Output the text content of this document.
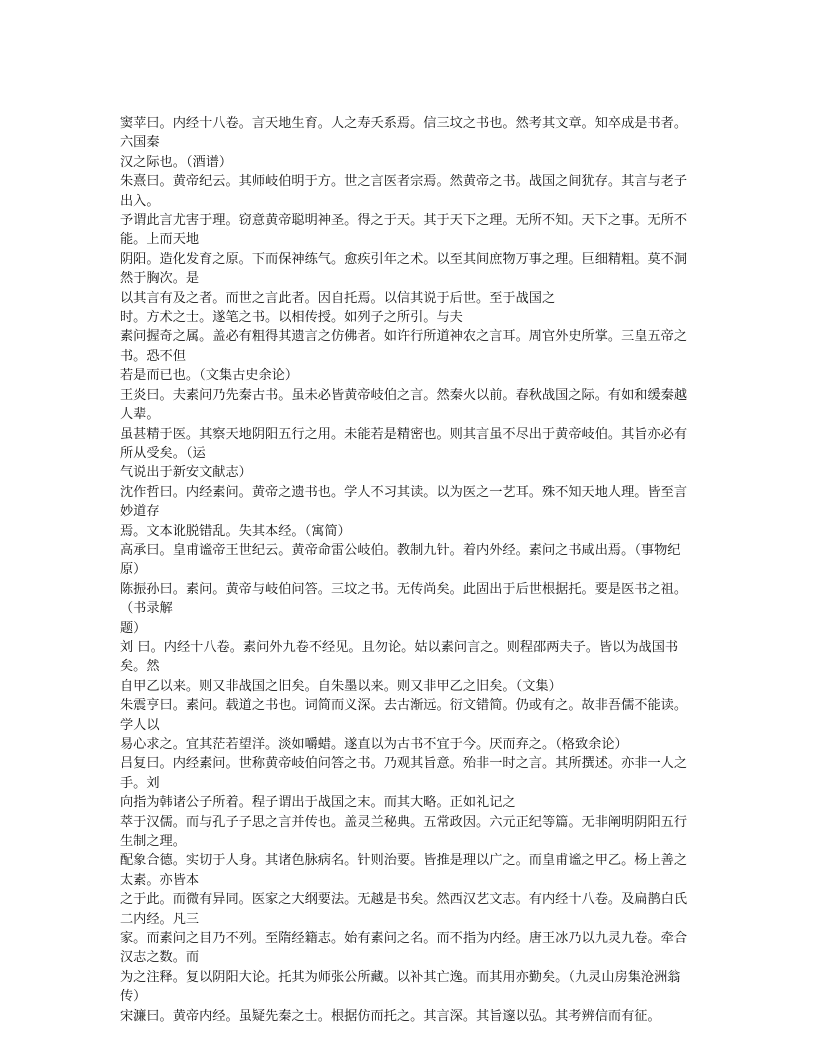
窦苹曰。内经十八卷。言天地生育。人之寿夭系焉。信三坟之书也。然考其文章。知卒成是书者。六国秦

汉之际也。（酒谱）

朱熹曰。黄帝纪云。其师岐伯明于方。世之言医者宗焉。然黄帝之书。战国之间犹存。其言与老子出入。

予谓此言尤害于理。窃意黄帝聪明神圣。得之于天。其于天下之理。无所不知。天下之事。无所不能。上而天地

阴阳。造化发育之原。下而保神练气。愈疾引年之术。以至其间庶物万事之理。巨细精粗。莫不洞然于胸次。是

以其言有及之者。而世之言此者。因自托焉。以信其说于后世。至于战国之

时。方术之士。遂笔之书。以相传授。如列子之所引。与夫

素问握奇之属。盖必有粗得其遗言之仿佛者。如许行所道神农之言耳。周官外史所掌。三皇五帝之书。恐不但

若是而已也。（文集古史余论）

王炎曰。夫素问乃先秦古书。虽未必皆黄帝岐伯之言。然秦火以前。春秋战国之际。有如和缓秦越人辈。

虽甚精于医。其察天地阴阳五行之用。未能若是精密也。则其言虽不尽出于黄帝岐伯。其旨亦必有所从受矣。（运

气说出于新安文献志）

沈作哲曰。内经素问。黄帝之遗书也。学人不习其读。以为医之一艺耳。殊不知天地人理。皆至言妙道存

焉。文本讹脱错乱。失其本经。（寓简）

高承曰。皇甫谧帝王世纪云。黄帝命雷公岐伯。教制九针。着内外经。素问之书咸出焉。（事物纪原）

陈振孙曰。素问。黄帝与岐伯问答。三坟之书。无传尚矣。此固出于后世根据托。要是医书之祖。（书录解

题）

刘 曰。内经十八卷。素问外九卷不经见。且勿论。姑以素问言之。则程邵两夫子。皆以为战国书矣。然

自甲乙以来。则又非战国之旧矣。自朱墨以来。则又非甲乙之旧矣。（文集）

朱震亨曰。素问。载道之书也。词简而义深。去古渐远。衍文错简。仍或有之。故非吾儒不能读。学人以

易心求之。宜其茫若望洋。淡如嚼蜡。遂直以为古书不宜于今。厌而弃之。（格致余论）

吕复曰。内经素问。世称黄帝岐伯问答之书。乃观其旨意。殆非一时之言。其所撰述。亦非一人之手。刘

向指为韩诸公子所着。程子谓出于战国之末。而其大略。正如礼记之

萃于汉儒。而与孔子子思之言并传也。盖灵兰秘典。五常政因。六元正纪等篇。无非阐明阴阳五行生制之理。

配象合德。实切于人身。其诸色脉病名。针则治要。皆推是理以广之。而皇甫谧之甲乙。杨上善之太素。亦皆本

之于此。而微有异同。医家之大纲要法。无越是书矣。然西汉艺文志。有内经十八卷。及扁鹊白氏二内经。凡三

家。而素问之目乃不列。至隋经籍志。始有素问之名。而不指为内经。唐王冰乃以九灵九卷。牵合汉志之数。而

为之注释。复以阴阳大论。托其为师张公所藏。以补其亡逸。而其用亦勤矣。（九灵山房集沧洲翁传）

宋濂曰。黄帝内经。虽疑先秦之士。根据仿而托之。其言深。其旨邃以弘。其考辨信而有征。
